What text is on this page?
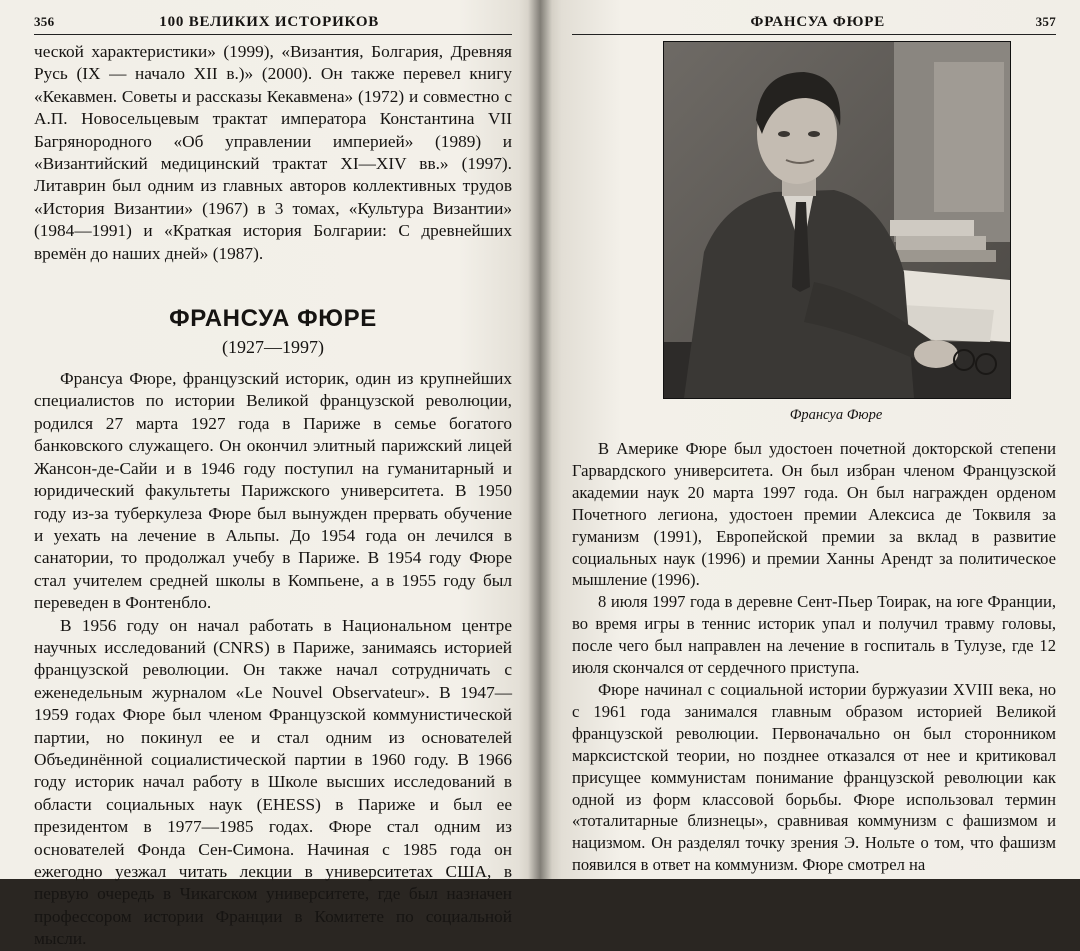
356	100 ВЕЛИКИХ ИСТОРИКОВ

ческой характеристики» (1999), «Византия, Болгария, Древняя Русь (IX — начало XII в.)» (2000). Он также перевел книгу «Кекавмен. Советы и рассказы Кекавмена» (1972) и совместно с А.П. Новосельцевым трактат императора Константина VII Багрянородного «Об управлении империей» (1989) и «Византийский медицинский трактат XI—XIV вв.» (1997). Литаврин был одним из главных авторов коллективных трудов «История Византии» (1967) в 3 томах, «Культура Византии» (1984—1991) и «Краткая история Болгарии: С древнейших времён до наших дней» (1987).

ФРАНСУА ФЮРЕ
(1927—1997)

Франсуа Фюре, французский историк, один из крупнейших специалистов по истории Великой французской революции, родился 27 марта 1927 года в Париже в семье богатого банковского служащего. Он окончил элитный парижский лицей Жансон-де-Сайи и в 1946 году поступил на гуманитарный и юридический факультеты Парижского университета. В 1950 году из-за туберкулеза Фюре был вынужден прервать обучение и уехать на лечение в Альпы. До 1954 года он лечился в санатории, то продолжал учебу в Париже. В 1954 году Фюре стал учителем средней школы в Компьене, а в 1955 году был переведен в Фонтенбло.

В 1956 году он начал работать в Национальном центре научных исследований (CNRS) в Париже, занимаясь историей французской революции. Он также начал сотрудничать с еженедельным журналом «Le Nouvel Observateur». В 1947—1959 годах Фюре был членом Французской коммунистической партии, но покинул ее и стал одним из основателей Объединённой социалистической партии в 1960 году. В 1966 году историк начал работу в Школе высших исследований в области социальных наук (EHESS) в Париже и был ее президентом в 1977—1985 годах. Фюре стал одним из основателей Фонда Сен-Симона. Начиная с 1985 года он ежегодно уезжал читать лекции в университетах США, в первую очередь в Чикагском университете, где был назначен профессором истории Франции в Комитете по социальной мысли.

ФРАНСУА ФЮРЕ	357
Франсуа Фюре

В Америке Фюре был удостоен почетной докторской степени Гарвардского университета. Он был избран членом Французской академии наук 20 марта 1997 года. Он был награжден орденом Почетного легиона, удостоен премии Алексиса де Токвиля за гуманизм (1991), Европейской премии за вклад в развитие социальных наук (1996) и премии Ханны Арендт за политическое мышление (1996).

8 июля 1997 года в деревне Сент-Пьер Тоирак, на юге Франции, во время игры в теннис историк упал и получил травму головы, после чего был направлен на лечение в госпиталь в Тулузе, где 12 июля скончался от сердечного приступа.

Фюре начинал с социальной истории буржуазии XVIII века, но с 1961 года занимался главным образом историей Великой французской революции. Первоначально он был сторонником марксистской теории, но позднее отказался от нее и критиковал присущее коммунистам понимание французской революции как одной из форм классовой борьбы. Фюре использовал термин «тоталитарные близнецы», сравнивая коммунизм с фашизмом и нацизмом. Он разделял точку зрения Э. Нольте о том, что фашизм появился в ответ на коммунизм. Фюре смотрел на
